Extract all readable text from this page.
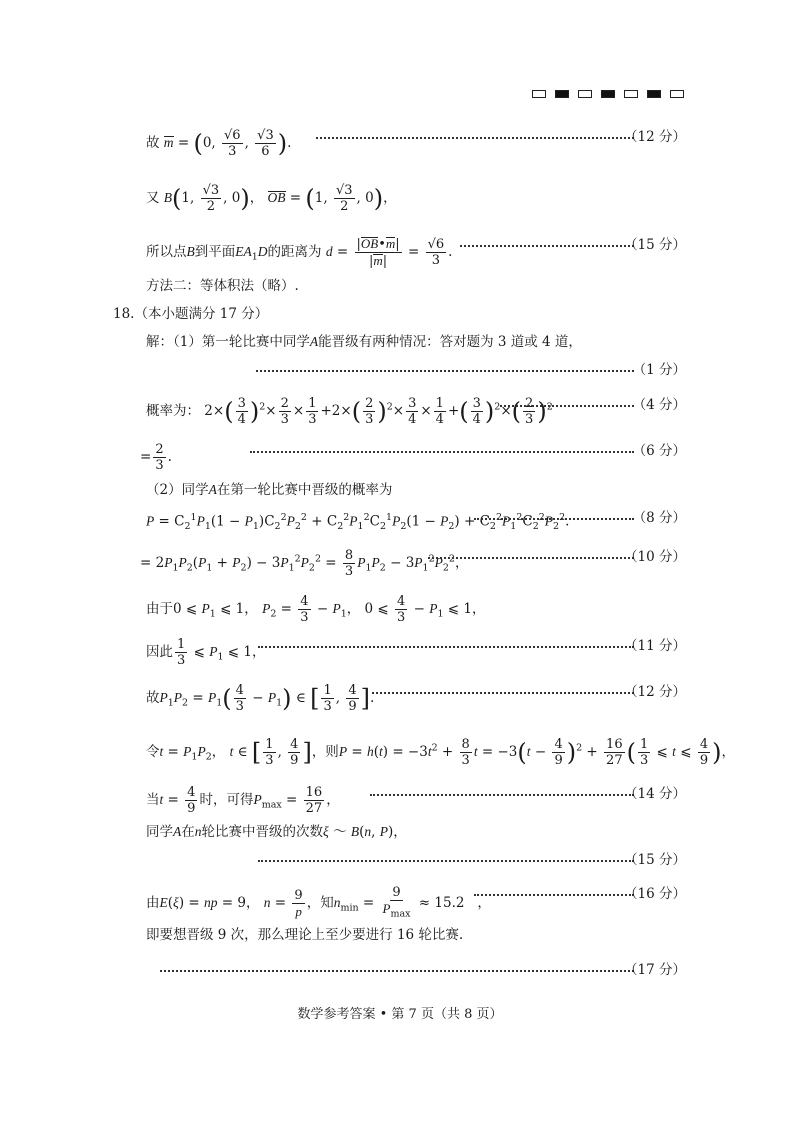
故 m = (0, $\frac{√6}{3}$ , $\frac{√3}{6}$ ).	（12 分）
又 B(1, $\frac{√3}{2}$ , 0)， OB = (1, $\frac{√3}{2}$ , 0)，
所以点B到平面$EA_1D$的距离为 $d = \frac{|OB•m|}{|m|} = \frac{√6}{3}$ .	（15 分）
方法二：等体积法（略）.
18.（本小题满分 17 分）
解：（1）第一轮比赛中同学A能晋级有两种情况：答对题为 3 道或 4 道，
（1 分）
概率为： $2\times( \frac{3}{4} )^2\times \frac{2}{3} \times \frac{1}{3} +2\times( \frac{2}{3} )^2\times \frac{3}{4} \times \frac{1}{4}$ +( $\frac{3}{4} )^2\times( \frac{2}{3} )^2$	（4 分）
= $\frac{2}{3}$ .	（6 分）
（2）同学A在第一轮比赛中晋级的概率为
$P = C_2^1P_1(1 - P_1)C_2^2P_2^2 + C_2^2P_1^2C_2^1P_2(1 - P_2) + C_2^2P_1^2C_2^2P_2^2$.	（8 分）
= $2P_1P_2(P_1 + P_2) - 3P_1^2P_2^2 = \frac{8}{3} P_1P_2 - 3P_1^2P_2^2$，	（10 分）
由于0 ⩽ $P_1$ ⩽ 1， $P_2 = \frac{4}{3} - P_1$， 0 ⩽ $\frac{4}{3} - P_1$ ⩽ 1，
因此 $\frac{1}{3}$ ⩽ $P_1$ ⩽ 1，	（11 分）
故$P_1P_2 = P_1( \frac{4}{3} - P_1)$ ∈ [ $\frac{1}{3}$ , $\frac{4}{9}$ ].	（12 分）
令$t = P_1P_2$， t ∈ [ $\frac{1}{3}$ , $\frac{4}{9}$ ]，则$P = h(t) = -3t^2 + \frac{8}{3}$ $t = -3(t - \frac{4}{9} )^2 + \frac{16}{27}$ ( $\frac{1}{3}$ ⩽ t ⩽ $\frac{4}{9}$ )，
当$t = \frac{4}{9}$ 时，可得$P_{max} = \frac{16}{27}$ ，	（14 分）
同学A在n轮比赛中晋级的次数ξ ～ B(n, P)，
（15 分）
由E(ξ) = np = 9， $n = \frac{9}{p}$ ，知$n_{min} = \frac{9}{P_{max}} \approx 15.2$   ，
（16 分）
即要想晋级 9 次，那么理论上至少要进行 16 轮比赛.
（17 分）
数学参考答案 • 第 7 页（共 8 页）
